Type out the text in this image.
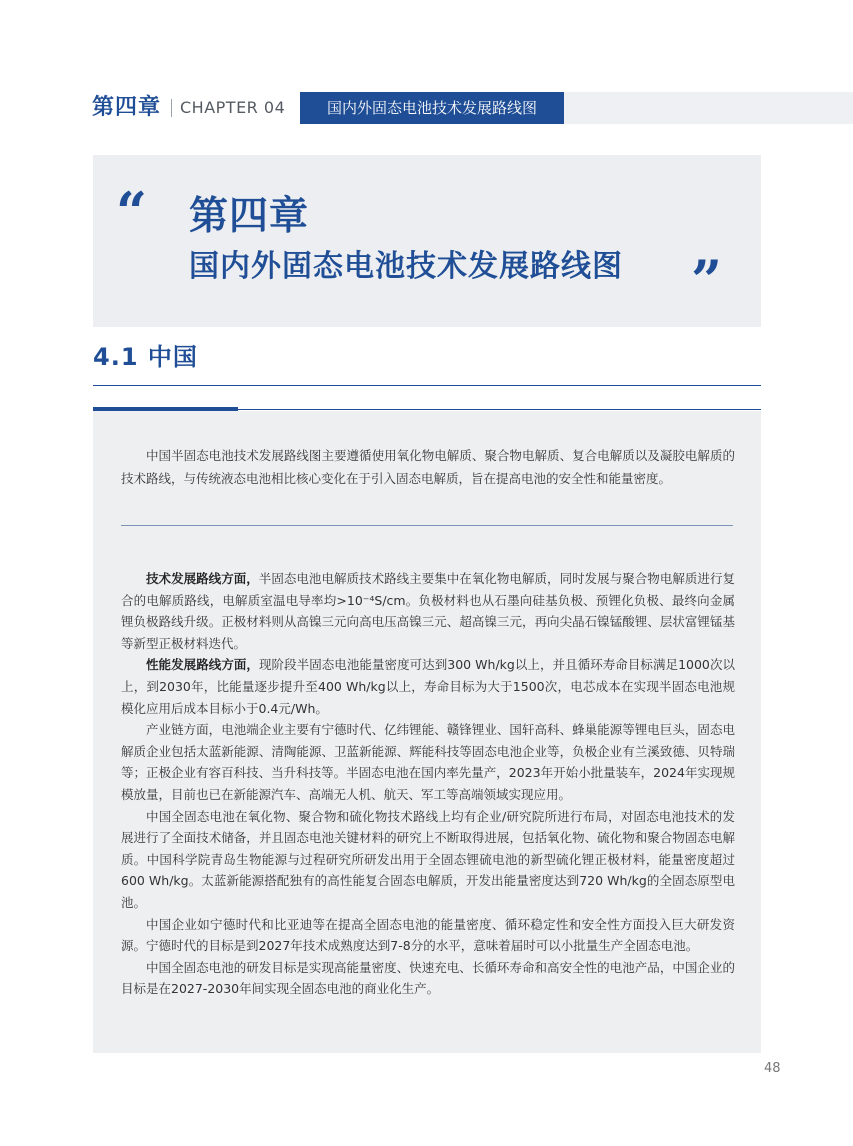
第四章 CHAPTER 04	国内外固态电池技术发展路线图
“ 第四章
国内外固态电池技术发展路线图 ”
4.1 中国

中国半固态电池技术发展路线图主要遵循使用氧化物电解质、聚合物电解质、复合电解质以及凝胶电解质的技术路线，与传统液态电池相比核心变化在于引入固态电解质，旨在提高电池的安全性和能量密度。

技术发展路线方面，半固态电池电解质技术路线主要集中在氧化物电解质，同时发展与聚合物电解质进行复合的电解质路线，电解质室温电导率均>10⁻⁴S/cm。负极材料也从石墨向硅基负极、预锂化负极、最终向金属锂负极路线升级。正极材料则从高镍三元向高电压高镍三元、超高镍三元，再向尖晶石镍锰酸锂、层状富锂锰基等新型正极材料迭代。

性能发展路线方面，现阶段半固态电池能量密度可达到300 Wh/kg以上，并且循环寿命目标满足1000次以上，到2030年，比能量逐步提升至400 Wh/kg以上，寿命目标为大于1500次，电芯成本在实现半固态电池规模化应用后成本目标小于0.4元/Wh。

产业链方面，电池端企业主要有宁德时代、亿纬锂能、赣锋锂业、国轩高科、蜂巢能源等锂电巨头，固态电解质企业包括太蓝新能源、清陶能源、卫蓝新能源、辉能科技等固态电池企业等，负极企业有兰溪致德、贝特瑞等；正极企业有容百科技、当升科技等。半固态电池在国内率先量产，2023年开始小批量装车，2024年实现规模放量，目前也已在新能源汽车、高端无人机、航天、军工等高端领域实现应用。

中国全固态电池在氧化物、聚合物和硫化物技术路线上均有企业/研究院所进行布局，对固态电池技术的发展进行了全面技术储备，并且固态电池关键材料的研究上不断取得进展，包括氧化物、硫化物和聚合物固态电解质。中国科学院青岛生物能源与过程研究所研发出用于全固态锂硫电池的新型硫化锂正极材料，能量密度超过600 Wh/kg。太蓝新能源搭配独有的高性能复合固态电解质，开发出能量密度达到720 Wh/kg的全固态原型电池。

中国企业如宁德时代和比亚迪等在提高全固态电池的能量密度、循环稳定性和安全性方面投入巨大研发资源。宁德时代的目标是到2027年技术成熟度达到7-8分的水平，意味着届时可以小批量生产全固态电池。

中国全固态电池的研发目标是实现高能量密度、快速充电、长循环寿命和高安全性的电池产品，中国企业的目标是在2027-2030年间实现全固态电池的商业化生产。

48
